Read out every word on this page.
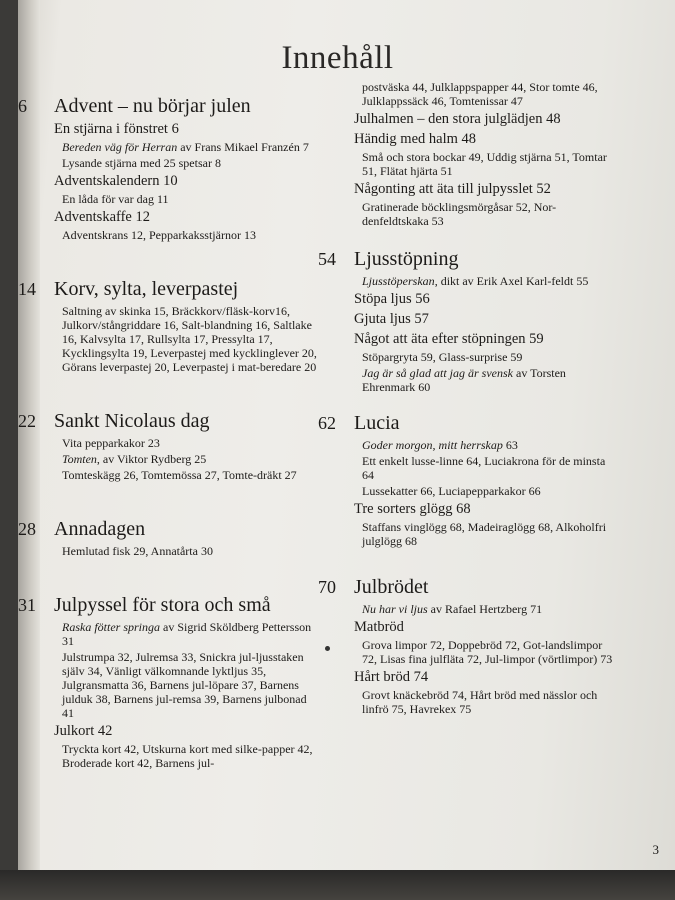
Innehåll
6	Advent – nu börjar julen
En stjärna i fönstret 6
Bereden väg för Herran av Frans Mikael Franzén 7
Lysande stjärna med 25 spetsar 8
Adventskalendern 10
En låda för var dag 11
Adventskaffe 12
Adventskrans 12, Pepparkaksstjärnor 13
14 Korv, sylta, leverpastej
Saltning av skinka 15, Bräckkorv/fläsk-korv16, Julkorv/stångriddare 16, Salt-blandning 16, Saltlake 16, Kalvsylta 17, Rullsylta 17, Pressylta 17, Kycklingsylta 19, Leverpastej med kycklinglever 20, Görans leverpastej 20, Leverpastej i mat-beredare 20
22 Sankt Nicolaus dag
Vita pepparkakor 23
Tomten, av Viktor Rydberg 25
Tomteskägg 26, Tomtemössa 27, Tomte-dräkt 27
28 Annadagen
Hemlutad fisk 29, Annatårta 30
31 Julpyssel för stora och små
Raska fötter springa av Sigrid Sköldberg Pettersson 31
Julstrumpa 32, Julremsa 33, Snickra jul-ljusstaken själv 34, Vänligt välkomnande lyktljus 35, Julgransmatta 36, Barnens jul-löpare 37, Barnens julduk 38, Barnens jul-remsa 39, Barnens julbonad 41
Julkort 42
Tryckta kort 42, Utskurna kort med silke-papper 42, Broderade kort 42, Barnens jul-
postväska 44, Julklappspapper 44, Stor tomte 46, Julklappssäck 46, Tomtenissar 47
Julhalmen – den stora julglädjen 48
Händig med halm 48
Små och stora bockar 49, Uddig stjärna 51, Tomtar 51, Flätat hjärta 51
Någonting att äta till julpysslet 52
Gratinerade böcklingsmörgåsar 52, Nor-denfeldtskaka 53
54 Ljusstöpning
Ljusstöperskan, dikt av Erik Axel Karl-feldt 55
Stöpa ljus 56
Gjuta ljus 57
Något att äta efter stöpningen 59
Stöpargryta 59, Glass-surprise 59
Jag är så glad att jag är svensk av Torsten Ehrenmark 60
62 Lucia
Goder morgon, mitt herrskap 63
Ett enkelt lusse-linne 64, Luciakrona för de minsta 64
Lussekatter 66, Luciapepparkakor 66
Tre sorters glögg 68
Staffans vinglögg 68, Madeiraglögg 68, Alkoholfri julglögg 68
70 Julbrödet
Nu har vi ljus av Rafael Hertzberg 71
Matbröd
Grova limpor 72, Doppebröd 72, Got-landslimpor 72, Lisas fina julfläta 72, Jul-limpor (vörtlimpor) 73
Hårt bröd 74
Grovt knäckebröd 74, Hårt bröd med nässlor och linfrö 75, Havrekex 75
3
